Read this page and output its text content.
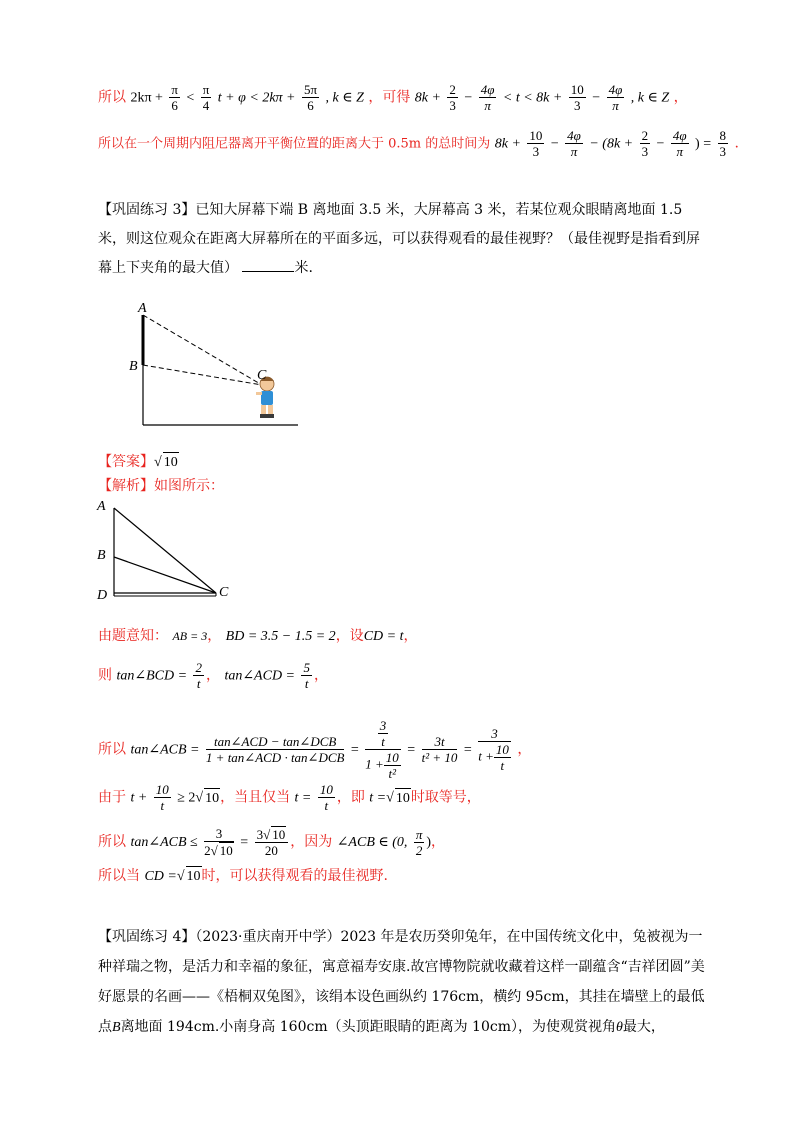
所以 $2k\pi + \frac{\pi}{6} < \frac{\pi}{4}$ $t + \varphi < 2k\pi + \frac{5\pi}{6}$ , k ∈ Z ，可得 $8k + \frac{2}{3} - \frac{4\varphi}{\pi} < t < 8k + \frac{10}{3} - \frac{4\varphi}{\pi}$ , k ∈ Z ，
所以在一个周期内阻尼器离开平衡位置的距离大于 0.5m 的总时间为 $8k + \frac{10}{3} - \frac{4\varphi}{\pi} - (8k + \frac{2}{3} - \frac{4\varphi}{\pi}$ ) = $\frac{8}{3}$ .
【巩固练习 3】已知大屏幕下端 B 离地面 3.5 米，大屏幕高 3 米，若某位观众眼睛离地面 1.5 米，则这位观众在距离大屏幕所在的平面多远，可以获得观看的最佳视野？（最佳视野是指看到屏幕上下夹角的最大值）	米.
A
B
C
【答案】√ 10
【解析】如图所示：
A
B
D	C
由题意知： AB = 3， BD = 3.5 − 1.5 = 2，设CD = t，
则 tan∠BCD = $\frac{2}{t}$ ， tan∠ACD = $\frac{5}{t}$ ，
所以 tan∠ACB = $\frac{\text{tan∠ACD − tan∠DCB}}{\text{1 + tan∠ACD · tan∠DCB}} = \frac{\frac{3}{t}}{1 + \frac{10}{\text{t²}}} = \frac{3t}{\text{t² + 10}} = \frac{3}{t + \frac{10}{t}}$ ，
由于 $t + \frac{10}{t} \ge 2√$ 10，当且仅当 $t = \frac{10}{t}$ ，即 t =√ 10时取等号，
所以 tan∠ACB ≤ $\frac{3}{2√ 10} = \frac{3√ 10}{20}$ ，因为 ∠ACB ∈ (0, $\frac{\pi}{2}$ )，
所以当 CD =√ 10时，可以获得观看的最佳视野.
【巩固练习 4】（2023·重庆南开中学）2023 年是农历癸卯兔年，在中国传统文化中，兔被视为一种祥瑞之物，是活力和幸福的象征，寓意福寿安康.故宫博物院就收藏着这样一副蕴含“吉祥团圆”美好愿景的名画——《梧桐双兔图》，该绢本设色画纵约 176cm，横约 95cm，其挂在墙壁上的最低点B离地面 194cm.小南身高 160cm（头顶距眼睛的距离为 10cm），为使观赏视角θ最大，
